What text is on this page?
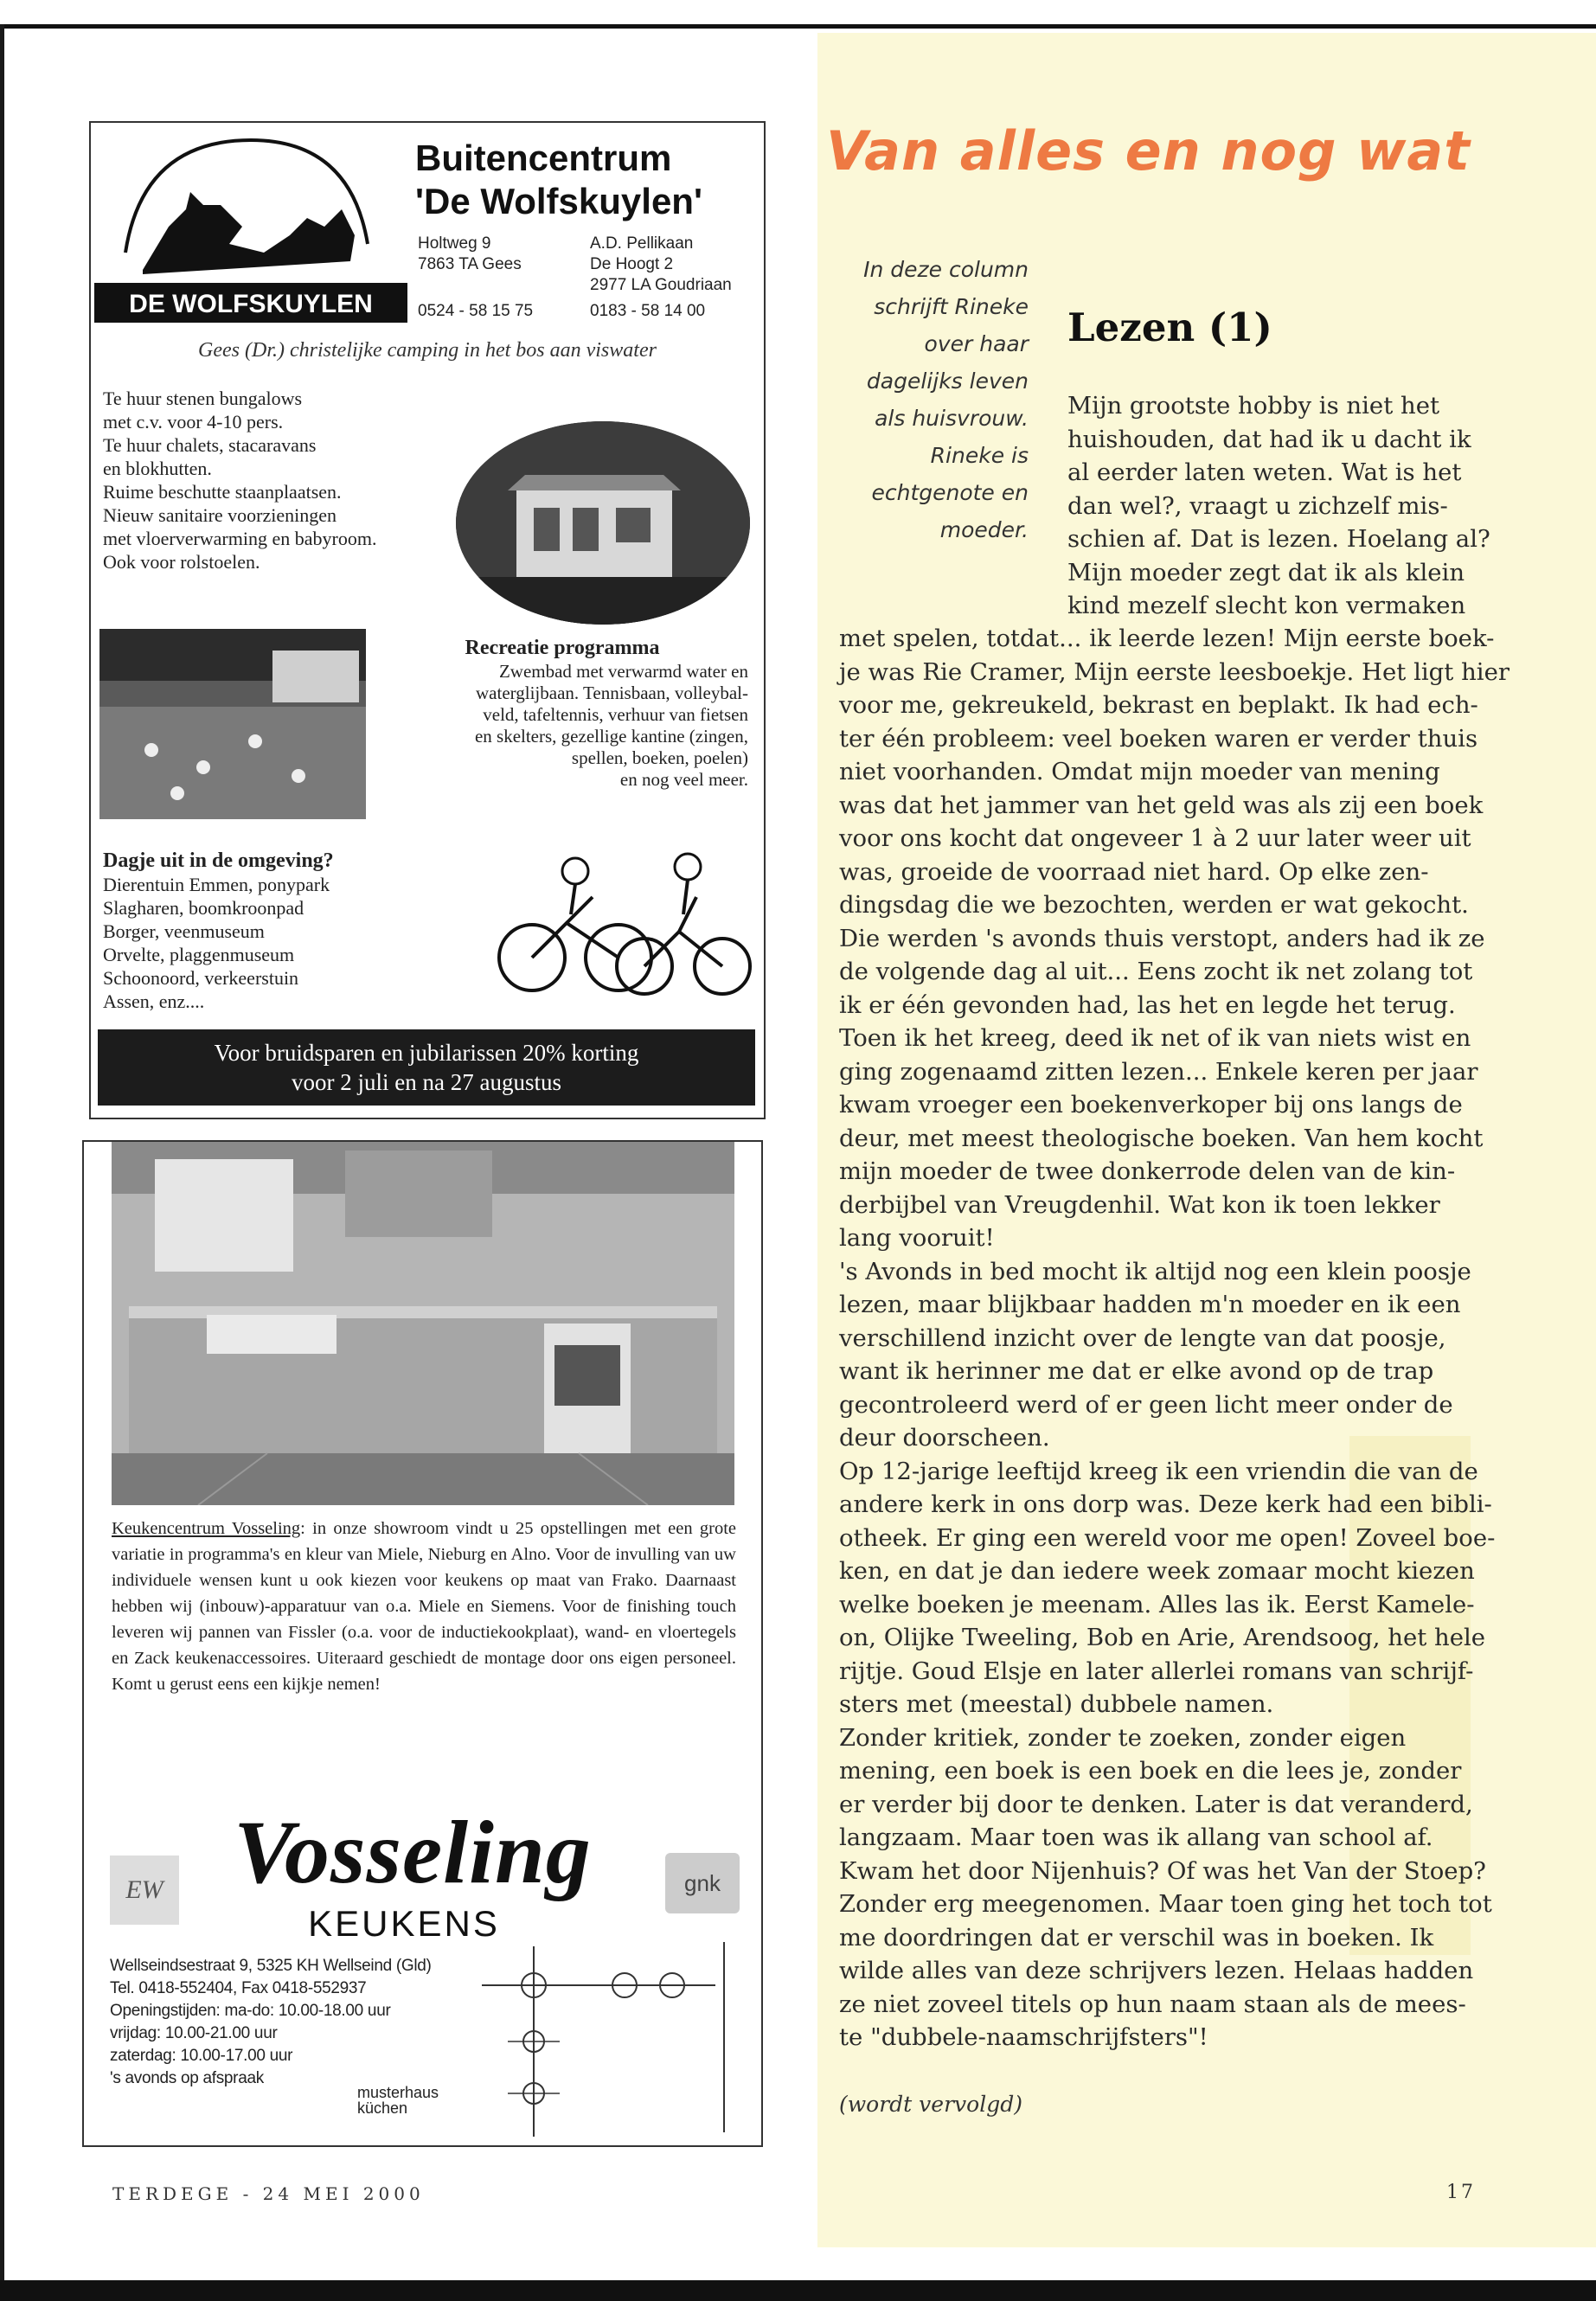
DE WOLFSKUYLEN
Buitencentrum
'De Wolfskuylen'
Holtweg 9
7863 TA Gees
A.D. Pellikaan
De Hoogt 2
2977 LA Goudriaan
0524 - 58 15 75	0183 - 58 14 00
Gees (Dr.) christelijke camping in het bos aan viswater
Te huur stenen bungalows
met c.v. voor 4-10 pers.
Te huur chalets, stacaravans
en blokhutten.
Ruime beschutte staanplaatsen.
Nieuw sanitaire voorzieningen
met vloerverwarming en babyroom.
Ook voor rolstoelen.
Recreatie programma
Zwembad met verwarmd water en
waterglijbaan. Tennisbaan, volleybal-
veld, tafeltennis, verhuur van fietsen
en skelters, gezellige kantine (zingen,
spellen, boeken, poelen)
en nog veel meer.
Dagje uit in de omgeving?
Dierentuin Emmen, ponypark
Slagharen, boomkroonpad
Borger, veenmuseum
Orvelte, plaggenmuseum
Schoonoord, verkeerstuin
Assen, enz....
Voor bruidsparen en jubilarissen 20% korting
voor 2 juli en na 27 augustus
Keukencentrum Vosseling: in onze showroom vindt u 25 opstellingen met een grote variatie in programma's en kleur van Miele, Nieburg en Alno. Voor de invulling van uw individuele wensen kunt u ook kiezen voor keukens op maat van Frako. Daarnaast hebben wij (inbouw)-apparatuur van o.a. Miele en Siemens. Voor de finishing touch leveren wij pannen van Fissler (o.a. voor de inductiekookplaat), wand- en vloertegels en Zack keukenaccessoires. Uiteraard geschiedt de montage door ons eigen personeel. Komt u gerust eens een kijkje nemen!
EW Vosseling	gnk
KEUKENS
Wellseindsestraat 9, 5325 KH Wellseind (Gld)
Tel. 0418-552404, Fax 0418-552937
Openingstijden: ma-do: 10.00-18.00 uur
vrijdag: 10.00-21.00 uur
zaterdag: 10.00-17.00 uur
's avonds op afspraak
musterhaus
küchen
Van alles en nog wat
In deze column
schrijft Rineke
over haar
dagelijks leven
als huisvrouw.
Rineke is
echtgenote en
moeder.
Lezen (1)
Mijn grootste hobby is niet het
huishouden, dat had ik u dacht ik
al eerder laten weten. Wat is het
dan wel?, vraagt u zichzelf mis-
schien af. Dat is lezen. Hoelang al?
Mijn moeder zegt dat ik als klein
kind mezelf slecht kon vermaken
met spelen, totdat... ik leerde lezen! Mijn eerste boek-
je was Rie Cramer, Mijn eerste leesboekje. Het ligt hier
voor me, gekreukeld, bekrast en beplakt. Ik had ech-
ter één probleem: veel boeken waren er verder thuis
niet voorhanden. Omdat mijn moeder van mening
was dat het jammer van het geld was als zij een boek
voor ons kocht dat ongeveer 1 à 2 uur later weer uit
was, groeide de voorraad niet hard. Op elke zen-
dingsdag die we bezochten, werden er wat gekocht.
Die werden 's avonds thuis verstopt, anders had ik ze
de volgende dag al uit... Eens zocht ik net zolang tot
ik er één gevonden had, las het en legde het terug.
Toen ik het kreeg, deed ik net of ik van niets wist en
ging zogenaamd zitten lezen... Enkele keren per jaar
kwam vroeger een boekenverkoper bij ons langs de
deur, met meest theologische boeken. Van hem kocht
mijn moeder de twee donkerrode delen van de kin-
derbijbel van Vreugdenhil. Wat kon ik toen lekker
lang vooruit!
's Avonds in bed mocht ik altijd nog een klein poosje
lezen, maar blijkbaar hadden m'n moeder en ik een
verschillend inzicht over de lengte van dat poosje,
want ik herinner me dat er elke avond op de trap
gecontroleerd werd of er geen licht meer onder de
deur doorscheen.
Op 12-jarige leeftijd kreeg ik een vriendin die van de
andere kerk in ons dorp was. Deze kerk had een bibli-
otheek. Er ging een wereld voor me open! Zoveel boe-
ken, en dat je dan iedere week zomaar mocht kiezen
welke boeken je meenam. Alles las ik. Eerst Kamele-
on, Olijke Tweeling, Bob en Arie, Arendsoog, het hele
rijtje. Goud Elsje en later allerlei romans van schrijf-
sters met (meestal) dubbele namen.
Zonder kritiek, zonder te zoeken, zonder eigen
mening, een boek is een boek en die lees je, zonder
er verder bij door te denken. Later is dat veranderd,
langzaam. Maar toen was ik allang van school af.
Kwam het door Nijenhuis? Of was het Van der Stoep?
Zonder erg meegenomen. Maar toen ging het toch tot
me doordringen dat er verschil was in boeken. Ik
wilde alles van deze schrijvers lezen. Helaas hadden
ze niet zoveel titels op hun naam staan als de mees-
te "dubbele-naamschrijfsters"!
(wordt vervolgd)
TERDEGE - 24 MEI 2000	17
